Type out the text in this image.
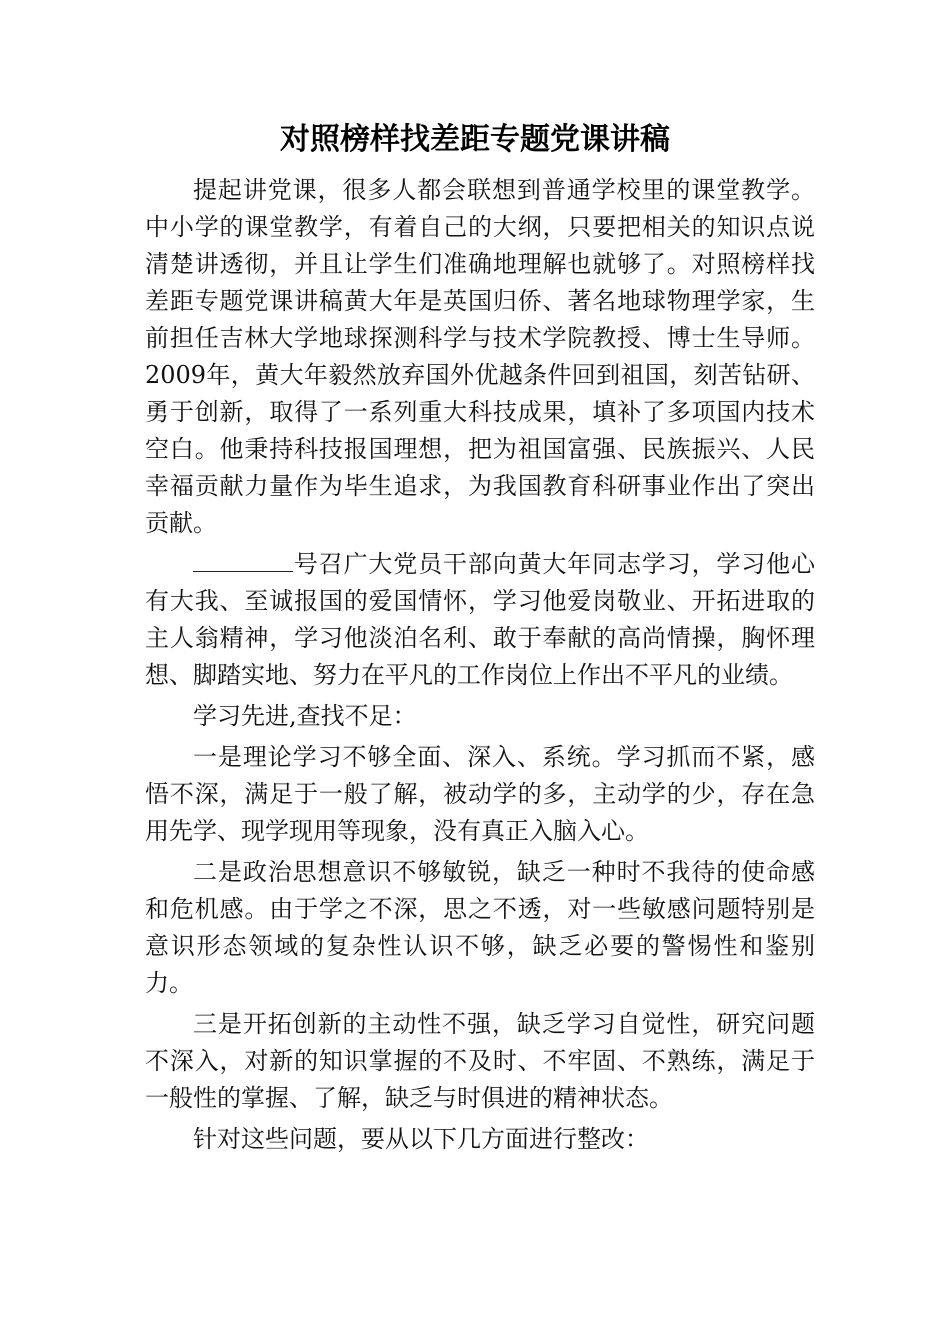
对照榜样找差距专题党课讲稿

提起讲党课，很多人都会联想到普通学校里的课堂教学。中小学的课堂教学，有着自己的大纲，只要把相关的知识点说清楚讲透彻，并且让学生们准确地理解也就够了。对照榜样找差距专题党课讲稿黄大年是英国归侨、著名地球物理学家，生前担任吉林大学地球探测科学与技术学院教授、博士生导师。2009年，黄大年毅然放弃国外优越条件回到祖国，刻苦钻研、勇于创新，取得了一系列重大科技成果，填补了多项国内技术空白。他秉持科技报国理想，把为祖国富强、民族振兴、人民幸福贡献力量作为毕生追求，为我国教育科研事业作出了突出贡献。

号召广大党员干部向黄大年同志学习，学习他心有大我、至诚报国的爱国情怀，学习他爱岗敬业、开拓进取的主人翁精神，学习他淡泊名利、敢于奉献的高尚情操，胸怀理想、脚踏实地、努力在平凡的工作岗位上作出不平凡的业绩。

学习先进,查找不足：

一是理论学习不够全面、深入、系统。学习抓而不紧，感悟不深，满足于一般了解，被动学的多，主动学的少，存在急用先学、现学现用等现象，没有真正入脑入心。

二是政治思想意识不够敏锐，缺乏一种时不我待的使命感和危机感。由于学之不深，思之不透，对一些敏感问题特别是意识形态领域的复杂性认识不够，缺乏必要的警惕性和鉴别力。

三是开拓创新的主动性不强，缺乏学习自觉性，研究问题不深入，对新的知识掌握的不及时、不牢固、不熟练，满足于一般性的掌握、了解，缺乏与时俱进的精神状态。

针对这些问题，要从以下几方面进行整改：
